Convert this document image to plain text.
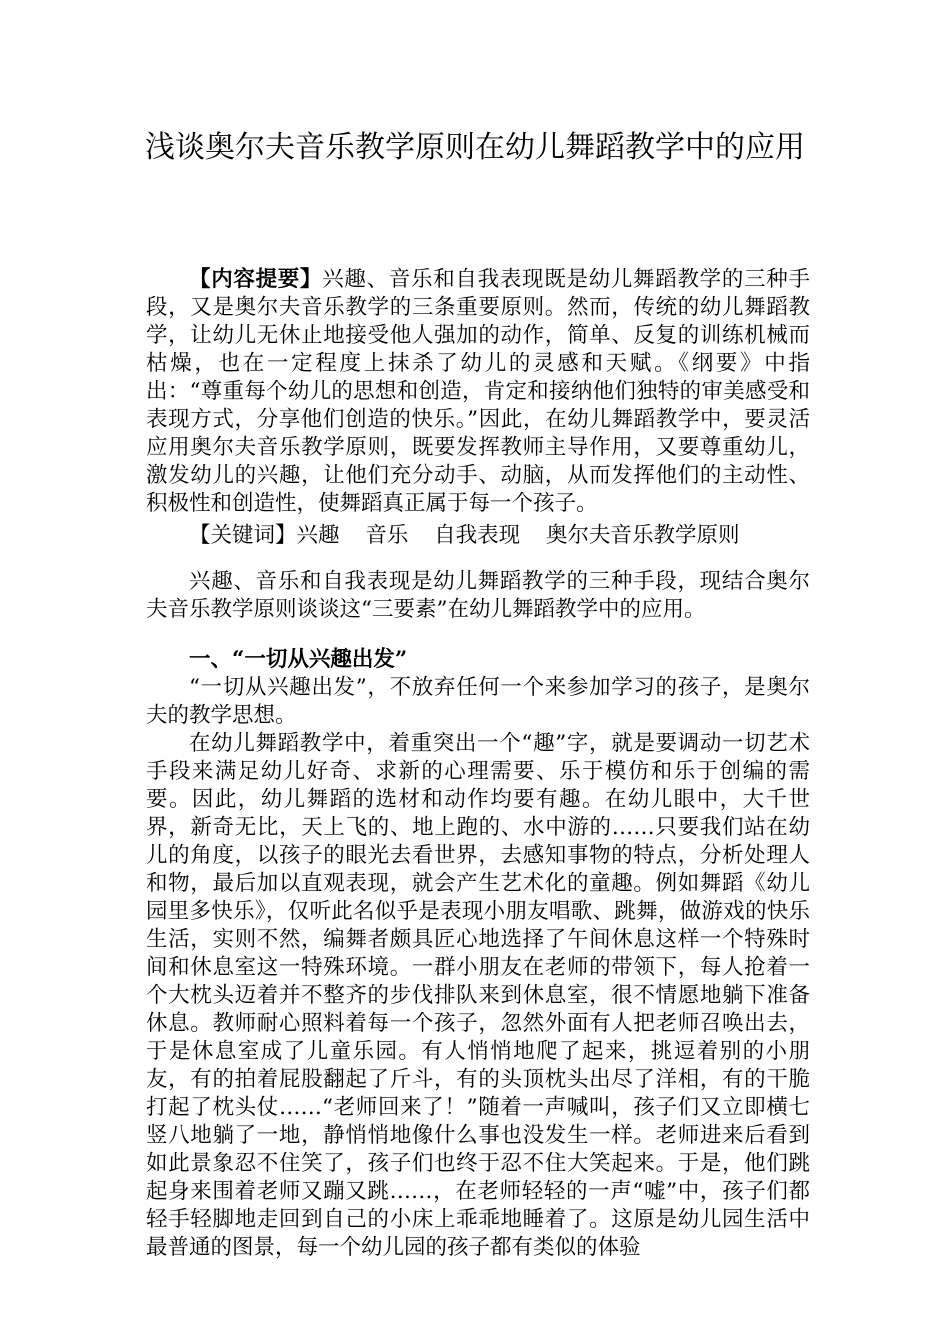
浅谈奥尔夫音乐教学原则在幼儿舞蹈教学中的应用

【内容提要】兴趣、音乐和自我表现既是幼儿舞蹈教学的三种手段，又是奥尔夫音乐教学的三条重要原则。然而，传统的幼儿舞蹈教学，让幼儿无休止地接受他人强加的动作，简单、反复的训练机械而枯燥，也在一定程度上抹杀了幼儿的灵感和天赋。《纲要》中指出：“尊重每个幼儿的思想和创造，肯定和接纳他们独特的审美感受和表现方式，分享他们创造的快乐。”因此，在幼儿舞蹈教学中，要灵活应用奥尔夫音乐教学原则，既要发挥教师主导作用，又要尊重幼儿，激发幼儿的兴趣，让他们充分动手、动脑，从而发挥他们的主动性、积极性和创造性，使舞蹈真正属于每一个孩子。

【关键词】兴趣 音乐 自我表现 奥尔夫音乐教学原则

兴趣、音乐和自我表现是幼儿舞蹈教学的三种手段，现结合奥尔夫音乐教学原则谈谈这“三要素”在幼儿舞蹈教学中的应用。

一、“一切从兴趣出发”

“一切从兴趣出发”，不放弃任何一个来参加学习的孩子，是奥尔夫的教学思想。

在幼儿舞蹈教学中，着重突出一个“趣”字，就是要调动一切艺术手段来满足幼儿好奇、求新的心理需要、乐于模仿和乐于创编的需要。因此，幼儿舞蹈的选材和动作均要有趣。在幼儿眼中，大千世界，新奇无比，天上飞的、地上跑的、水中游的……只要我们站在幼儿的角度，以孩子的眼光去看世界，去感知事物的特点，分析处理人和物，最后加以直观表现，就会产生艺术化的童趣。例如舞蹈《幼儿园里多快乐》，仅听此名似乎是表现小朋友唱歌、跳舞，做游戏的快乐生活，实则不然，编舞者颇具匠心地选择了午间休息这样一个特殊时间和休息室这一特殊环境。一群小朋友在老师的带领下，每人抢着一个大枕头迈着并不整齐的步伐排队来到休息室，很不情愿地躺下准备休息。教师耐心照料着每一个孩子，忽然外面有人把老师召唤出去，于是休息室成了儿童乐园。有人悄悄地爬了起来，挑逗着别的小朋友，有的拍着屁股翻起了斤斗，有的头顶枕头出尽了洋相，有的干脆打起了枕头仗……“老师回来了！”随着一声喊叫，孩子们又立即横七竖八地躺了一地，静悄悄地像什么事也没发生一样。老师进来后看到如此景象忍不住笑了，孩子们也终于忍不住大笑起来。于是，他们跳起身来围着老师又蹦又跳……，在老师轻轻的一声“嘘”中，孩子们都轻手轻脚地走回到自己的小床上乖乖地睡着了。这原是幼儿园生活中最普通的图景，每一个幼儿园的孩子都有类似的体验
